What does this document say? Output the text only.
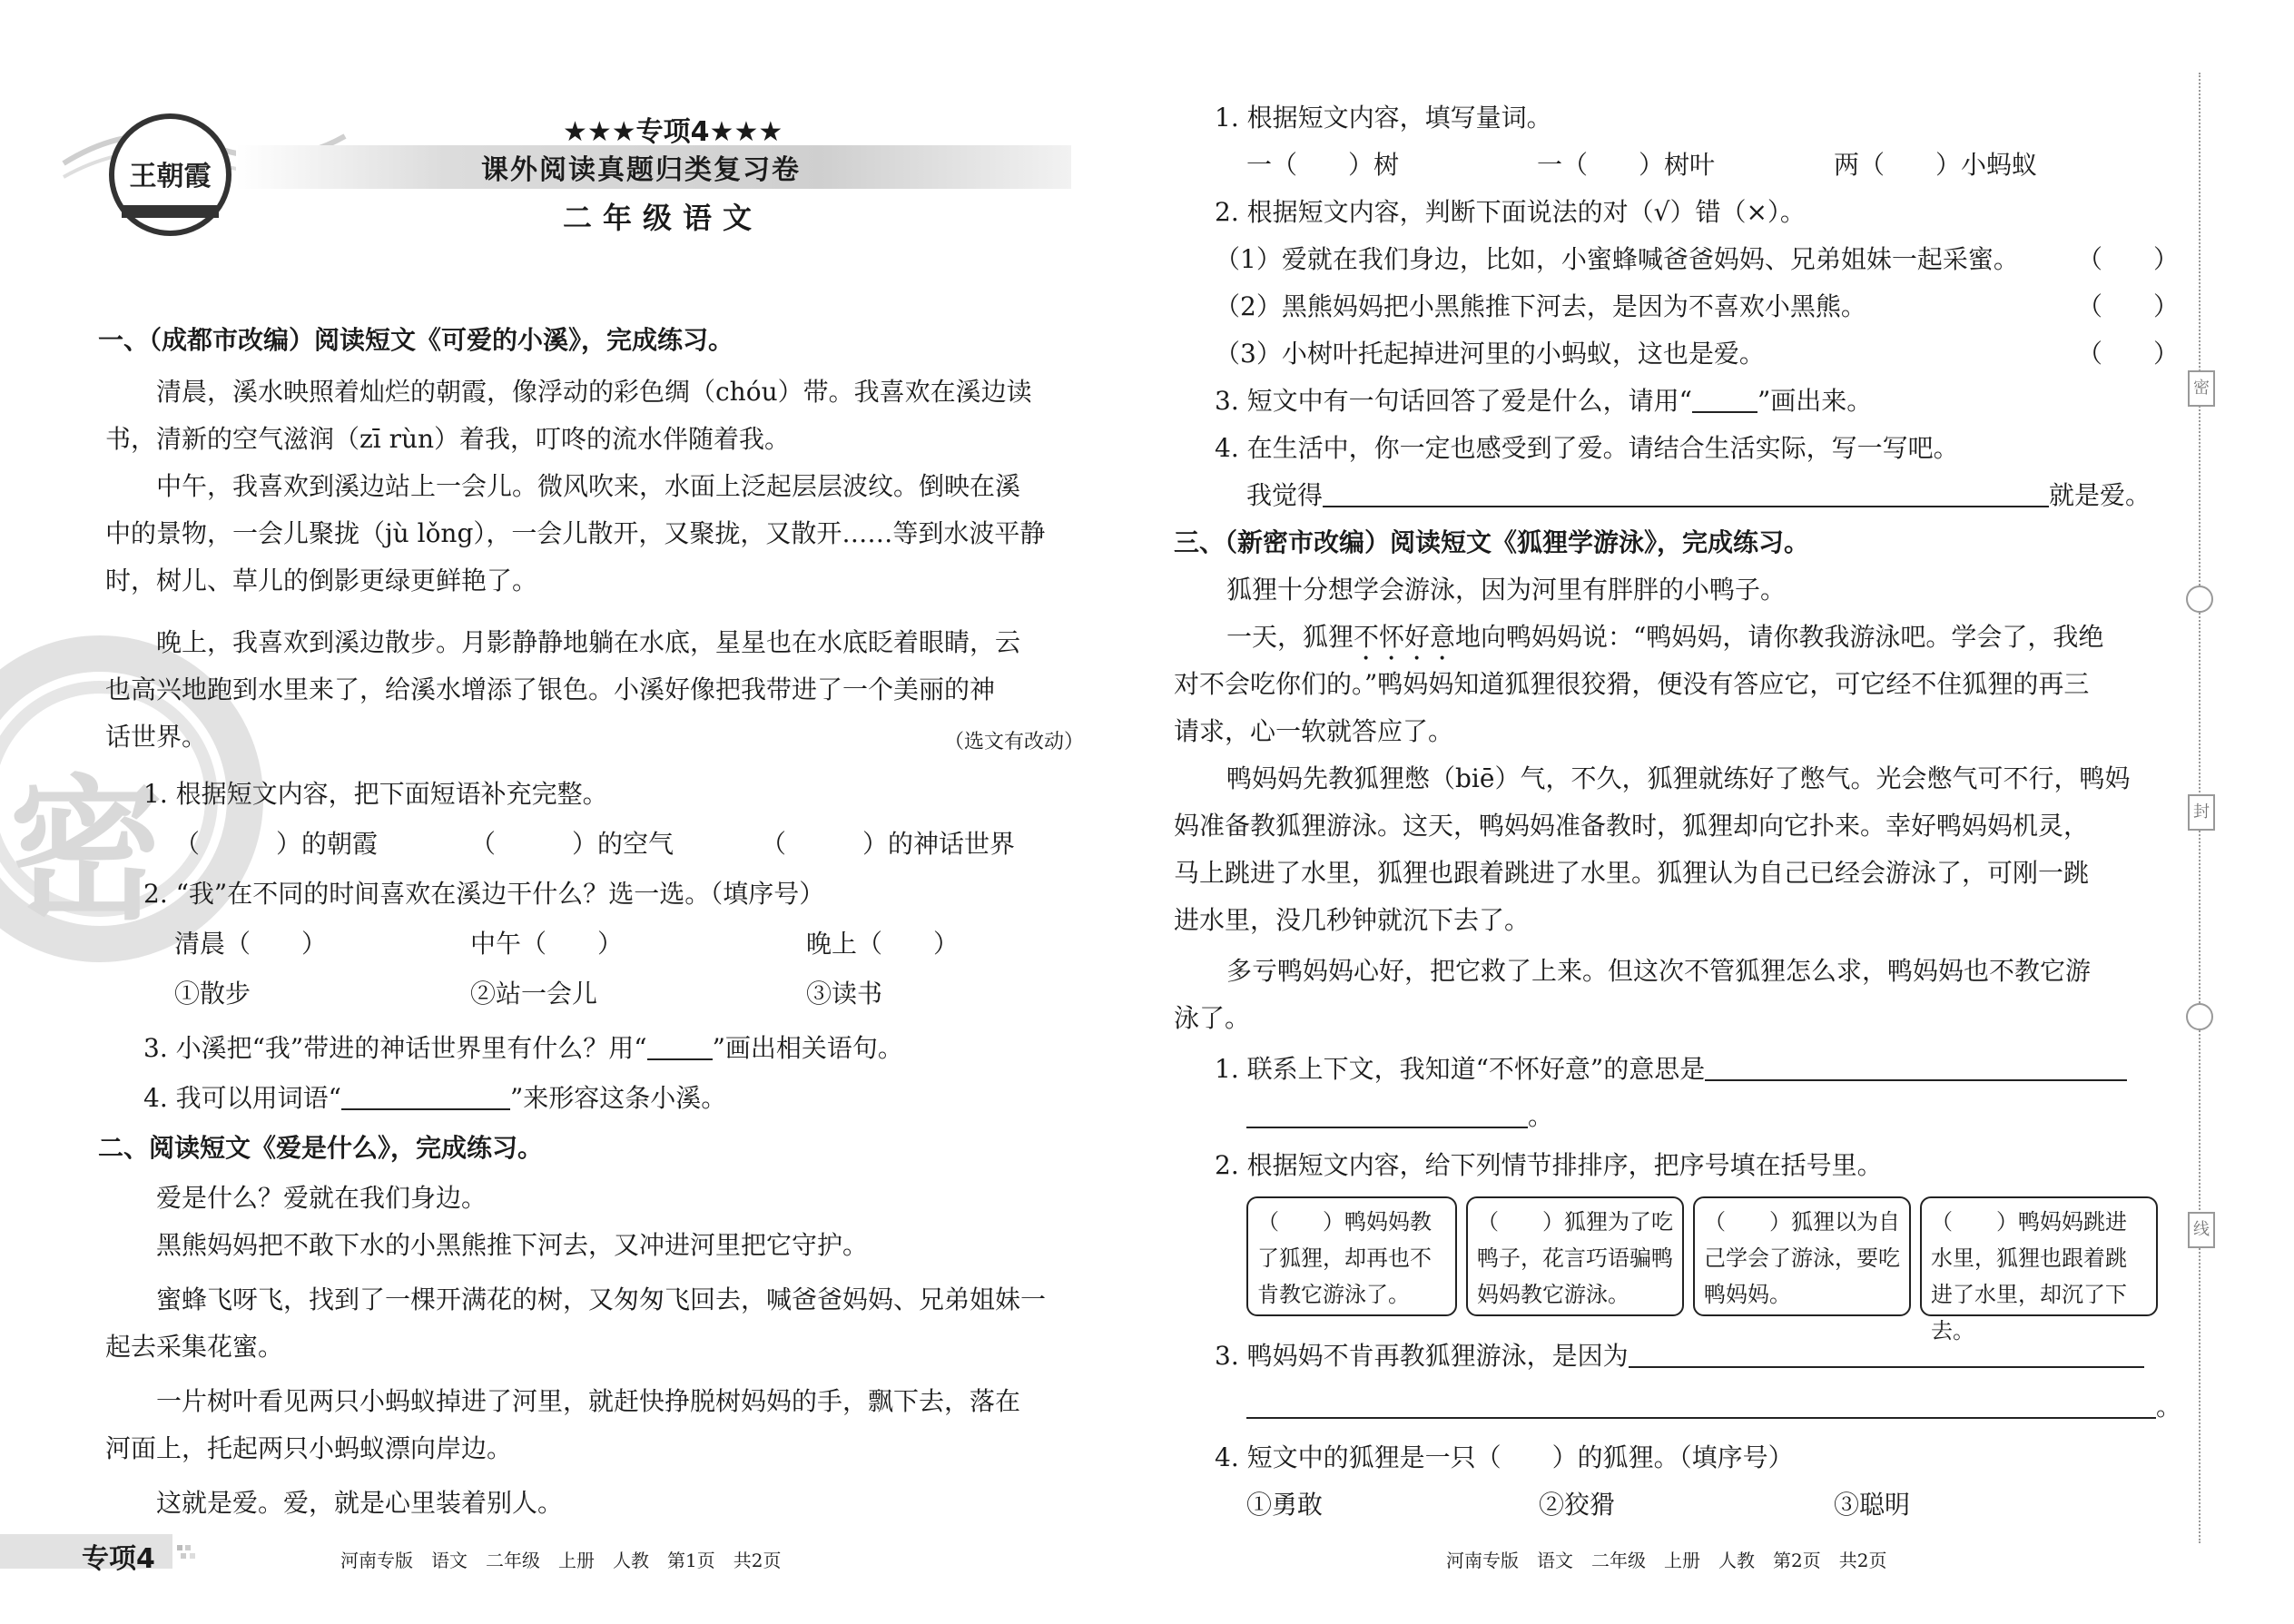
密
王朝霞
★★★专项4★★★
课外阅读真题归类复习卷
二年级语文
一、（成都市改编）阅读短文《可爱的小溪》，完成练习。
清晨，溪水映照着灿烂的朝霞，像浮动的彩色绸（chóu）带。我喜欢在溪边读
书，清新的空气滋润（zī rùn）着我，叮咚的流水伴随着我。
中午，我喜欢到溪边站上一会儿。微风吹来，水面上泛起层层波纹。倒映在溪
中的景物，一会儿聚拢（jù lǒng），一会儿散开，又聚拢，又散开……等到水波平静
时，树儿、草儿的倒影更绿更鲜艳了。
晚上，我喜欢到溪边散步。月影静静地躺在水底，星星也在水底眨着眼睛，云
也高兴地跑到水里来了，给溪水增添了银色。小溪好像把我带进了一个美丽的神
话世界。	（选文有改动）
1. 根据短文内容，把下面短语补充完整。
（　　　）的朝霞	（　　　）的空气	（　　　）的神话世界
2. “我”在不同的时间喜欢在溪边干什么？选一选。（填序号）
清晨（　　）	中午（　　）	晚上（　　）
①散步	②站一会儿	③读书
3. 小溪把“我”带进的神话世界里有什么？用“	”画出相关语句。
4. 我可以用词语“	”来形容这条小溪。
二、阅读短文《爱是什么》，完成练习。
爱是什么？爱就在我们身边。
黑熊妈妈把不敢下水的小黑熊推下河去，又冲进河里把它守护。
蜜蜂飞呀飞，找到了一棵开满花的树，又匆匆飞回去，喊爸爸妈妈、兄弟姐妹一
起去采集花蜜。
一片树叶看见两只小蚂蚁掉进了河里，就赶快挣脱树妈妈的手，飘下去，落在
河面上，托起两只小蚂蚁漂向岸边。
这就是爱。爱，就是心里装着别人。
专项4	河南专版　语文　二年级　上册　人教　第1页　共2页
1. 根据短文内容，填写量词。
一（　　）树	一（　　）树叶	两（　　）小蚂蚁
2. 根据短文内容，判断下面说法的对（√）错（×）。
（1）爱就在我们身边，比如，小蜜蜂喊爸爸妈妈、兄弟姐妹一起采蜜。 （　　）
（2）黑熊妈妈把小黑熊推下河去，是因为不喜欢小黑熊。	（　　）
（3）小树叶托起掉进河里的小蚂蚁，这也是爱。	（　　）
3. 短文中有一句话回答了爱是什么，请用“	”画出来。
4. 在生活中，你一定也感受到了爱。请结合生活实际，写一写吧。
我觉得	就是爱。
三、（新密市改编）阅读短文《狐狸学游泳》，完成练习。
狐狸十分想学会游泳，因为河里有胖胖的小鸭子。
一天，狐狸不怀好意地向鸭妈妈说：“鸭妈妈，请你教我游泳吧。学会了，我绝
对不会吃你们的。”鸭妈妈知道狐狸很狡猾，便没有答应它，可它经不住狐狸的再三
请求，心一软就答应了。
鸭妈妈先教狐狸憋（biē）气，不久，狐狸就练好了憋气。光会憋气可不行，鸭妈
妈准备教狐狸游泳。这天，鸭妈妈准备教时，狐狸却向它扑来。幸好鸭妈妈机灵，
马上跳进了水里，狐狸也跟着跳进了水里。狐狸认为自己已经会游泳了，可刚一跳
进水里，没几秒钟就沉下去了。
多亏鸭妈妈心好，把它救了上来。但这次不管狐狸怎么求，鸭妈妈也不教它游
泳了。
1. 联系上下文，我知道“不怀好意”的意思是
。
2. 根据短文内容，给下列情节排排序，把序号填在括号里。
（　　）鸭妈妈教了狐狸，却再也不肯教它游泳了。
（　　）狐狸为了吃鸭子，花言巧语骗鸭妈妈教它游泳。
（　　）狐狸以为自己学会了游泳，要吃鸭妈妈。
（　　）鸭妈妈跳进水里，狐狸也跟着跳进了水里，却沉了下去。
3. 鸭妈妈不肯再教狐狸游泳，是因为
。
4. 短文中的狐狸是一只（　　）的狐狸。（填序号）
①勇敢	②狡猾	③聪明
河南专版　语文　二年级　上册　人教　第2页　共2页
密
封
线
